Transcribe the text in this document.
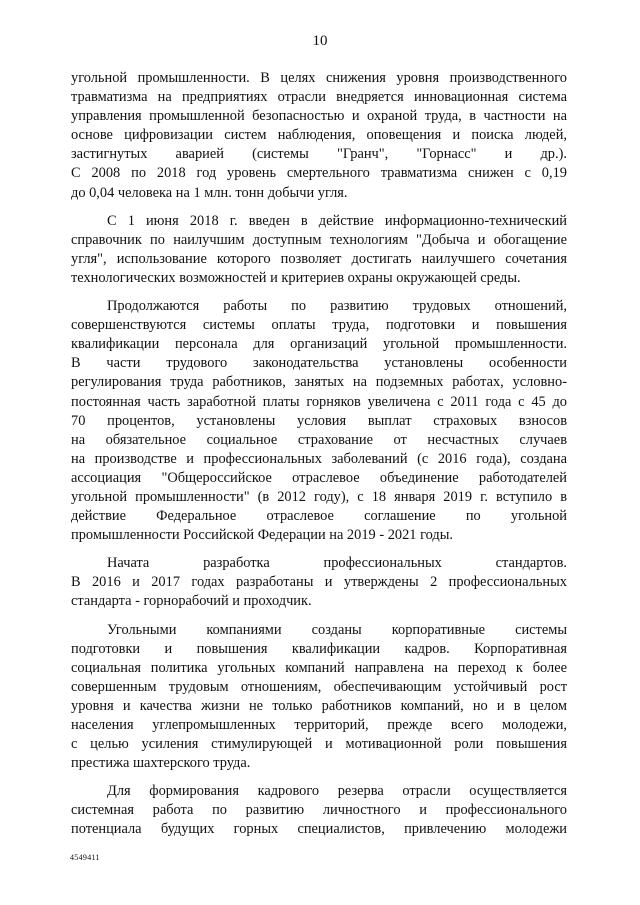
10
угольной промышленности. В целях снижения уровня производственного
травматизма на предприятиях отрасли внедряется инновационная система
управления промышленной безопасностью и охраной труда, в частности на
основе цифровизации систем наблюдения, оповещения и поиска людей,
застигнутых аварией (системы "Гранч", "Горнасс" и др.).
С 2008 по 2018 год уровень смертельного травматизма снижен с 0,19
до 0,04 человека на 1 млн. тонн добычи угля.
С 1 июня 2018 г. введен в действие информационно-технический
справочник по наилучшим доступным технологиям "Добыча и обогащение
угля", использование которого позволяет достигать наилучшего сочетания
технологических возможностей и критериев охраны окружающей среды.
Продолжаются работы по развитию трудовых отношений,
совершенствуются системы оплаты труда, подготовки и повышения
квалификации персонала для организаций угольной промышленности.
В части трудового законодательства установлены особенности
регулирования труда работников, занятых на подземных работах, условно-
постоянная часть заработной платы горняков увеличена с 2011 года с 45 до
70 процентов, установлены условия выплат страховых взносов
на обязательное социальное страхование от несчастных случаев
на производстве и профессиональных заболеваний (с 2016 года), создана
ассоциация "Общероссийское отраслевое объединение работодателей
угольной промышленности" (в 2012 году), с 18 января 2019 г. вступило в
действие Федеральное отраслевое соглашение по угольной
промышленности Российской Федерации на 2019 - 2021 годы.
Начата разработка профессиональных стандартов.
В 2016 и 2017 годах разработаны и утверждены 2 профессиональных
стандарта - горнорабочий и проходчик.
Угольными компаниями созданы корпоративные системы
подготовки и повышения квалификации кадров. Корпоративная
социальная политика угольных компаний направлена на переход к более
совершенным трудовым отношениям, обеспечивающим устойчивый рост
уровня и качества жизни не только работников компаний, но и в целом
населения углепромышленных территорий, прежде всего молодежи,
с целью усиления стимулирующей и мотивационной роли повышения
престижа шахтерского труда.
Для формирования кадрового резерва отрасли осуществляется
системная работа по развитию личностного и профессионального
потенциала будущих горных специалистов, привлечению молодежи
4549411
